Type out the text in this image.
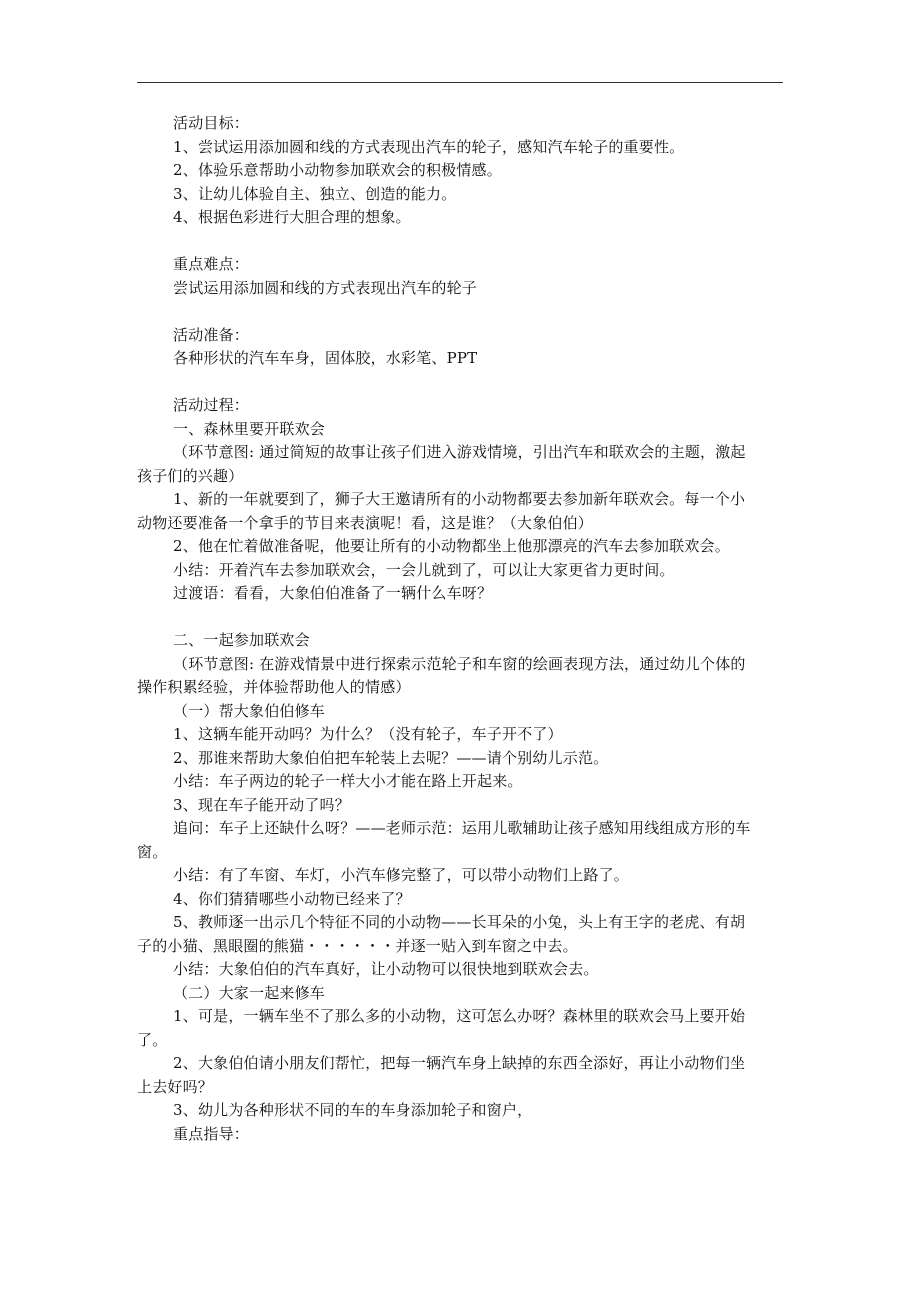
活动目标：
1、尝试运用添加圆和线的方式表现出汽车的轮子，感知汽车轮子的重要性。
2、体验乐意帮助小动物参加联欢会的积极情感。
3、让幼儿体验自主、独立、创造的能力。
4、根据色彩进行大胆合理的想象。
重点难点：
尝试运用添加圆和线的方式表现出汽车的轮子
活动准备：
各种形状的汽车车身，固体胶，水彩笔、PPT
活动过程：
一、森林里要开联欢会
（环节意图: 通过简短的故事让孩子们进入游戏情境，引出汽车和联欢会的主题，激起
孩子们的兴趣）
1、新的一年就要到了，狮子大王邀请所有的小动物都要去参加新年联欢会。每一个小
动物还要准备一个拿手的节目来表演呢！看，这是谁？（大象伯伯）
2、他在忙着做准备呢，他要让所有的小动物都坐上他那漂亮的汽车去参加联欢会。
小结：开着汽车去参加联欢会，一会儿就到了，可以让大家更省力更时间。
过渡语：看看，大象伯伯准备了一辆什么车呀？
二、一起参加联欢会
（环节意图: 在游戏情景中进行探索示范轮子和车窗的绘画表现方法，通过幼儿个体的
操作积累经验，并体验帮助他人的情感）
（一）帮大象伯伯修车
1、这辆车能开动吗？为什么？（没有轮子，车子开不了）
2、那谁来帮助大象伯伯把车轮装上去呢？——请个别幼儿示范。
小结：车子两边的轮子一样大小才能在路上开起来。
3、现在车子能开动了吗？
追问：车子上还缺什么呀？——老师示范：运用儿歌辅助让孩子感知用线组成方形的车
窗。
小结：有了车窗、车灯，小汽车修完整了，可以带小动物们上路了。
4、你们猜猜哪些小动物已经来了？
5、教师逐一出示几个特征不同的小动物——长耳朵的小兔，头上有王字的老虎、有胡
子的小猫、黑眼圈的熊猫・・・・・・并逐一贴入到车窗之中去。
小结：大象伯伯的汽车真好，让小动物可以很快地到联欢会去。
（二）大家一起来修车
1、可是，一辆车坐不了那么多的小动物，这可怎么办呀？森林里的联欢会马上要开始
了。
2、大象伯伯请小朋友们帮忙，把每一辆汽车身上缺掉的东西全添好，再让小动物们坐
上去好吗？
3、幼儿为各种形状不同的车的车身添加轮子和窗户，
重点指导：
